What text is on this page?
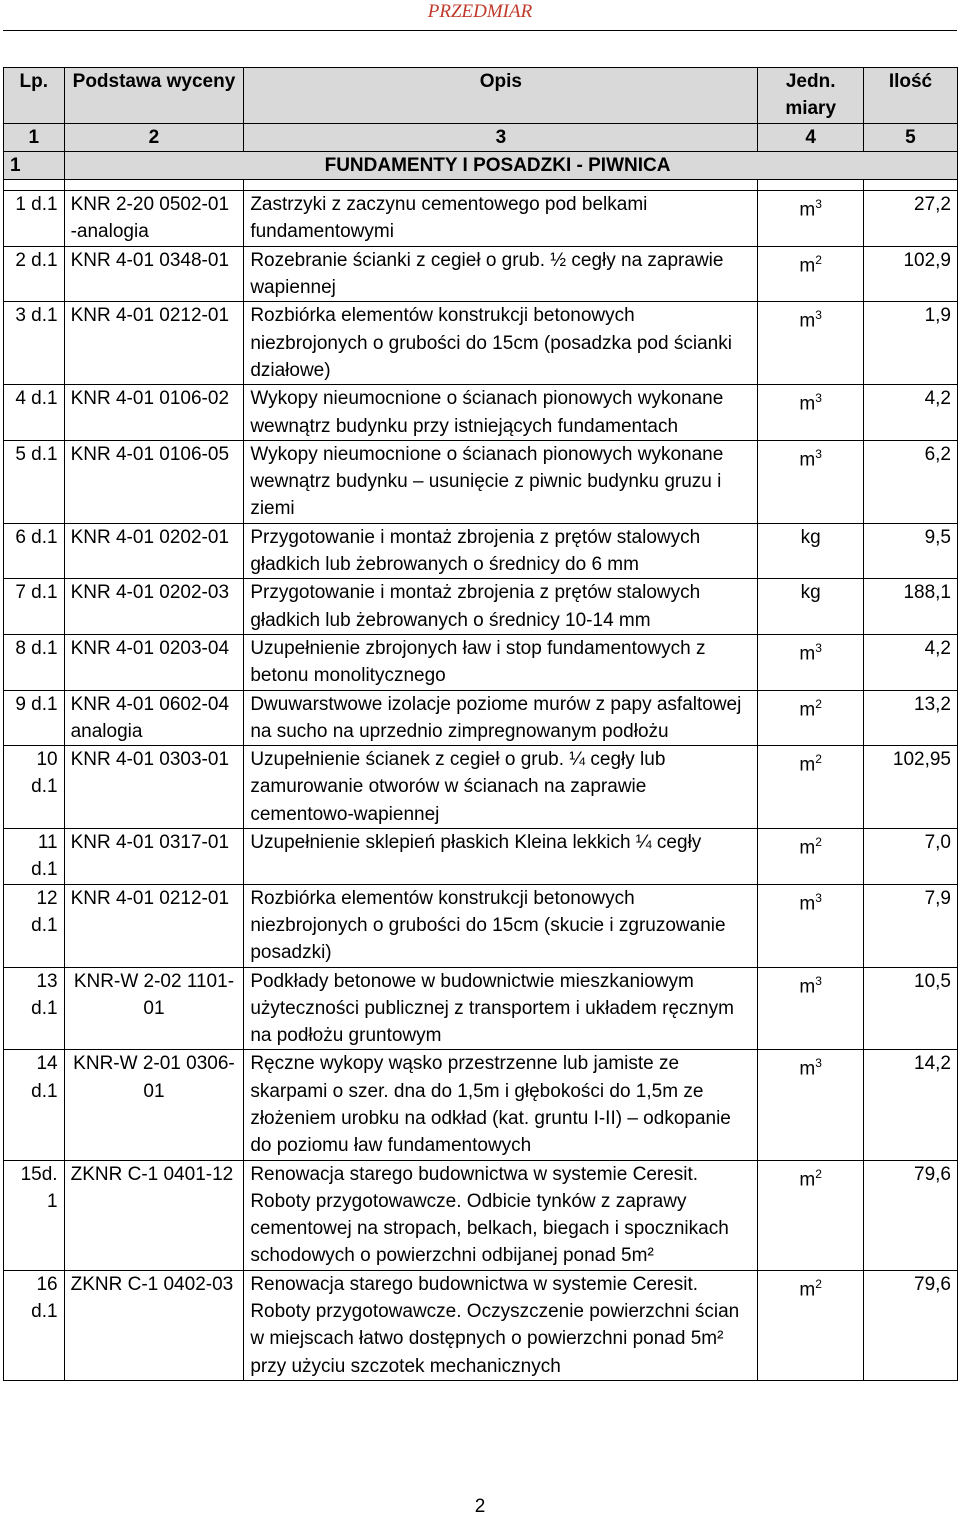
PRZEDMIAR
Lp.	Podstawa wyceny	Opis	Jedn. miary	Ilość
1	2	3	4	5
1	FUNDAMENTY I POSADZKI - PIWNICA			

1 d.1	KNR 2-20 0502-01 -analogia	Zastrzyki z zaczynu cementowego pod belkami fundamentowymi	$m^3$	27,2
2 d.1	KNR 4-01 0348-01	Rozebranie ścianki z cegieł o grub. ½ cegły na zaprawie wapiennej	$m^2$	102,9
3 d.1	KNR 4-01 0212-01	Rozbiórka elementów konstrukcji betonowych niezbrojonych o grubości do 15cm (posadzka pod ścianki działowe)	$m^3$	1,9
4 d.1	KNR 4-01 0106-02	Wykopy nieumocnione o ścianach pionowych wykonane wewnątrz budynku przy istniejących fundamentach	$m^3$	4,2
5 d.1	KNR 4-01 0106-05	Wykopy nieumocnione o ścianach pionowych wykonane wewnątrz budynku – usunięcie z piwnic budynku gruzu i ziemi	$m^3$	6,2
6 d.1	KNR 4-01 0202-01	Przygotowanie i montaż zbrojenia z prętów stalowych gładkich lub żebrowanych o średnicy do 6 mm	kg	9,5
7 d.1	KNR 4-01 0202-03	Przygotowanie i montaż zbrojenia z prętów stalowych gładkich lub żebrowanych o średnicy 10-14 mm	kg	188,1
8 d.1	KNR 4-01 0203-04	Uzupełnienie zbrojonych ław i stop fundamentowych z betonu monolitycznego	$m^3$	4,2
9 d.1	KNR 4-01 0602-04 analogia	Dwuwarstwowe izolacje poziome murów z papy asfaltowej na sucho na uprzednio zimpregnowanym podłożu	$m^2$	13,2
10 d.1	KNR 4-01 0303-01	Uzupełnienie ścianek z cegieł o grub. ¼ cegły lub zamurowanie otworów w ścianach na zaprawie cementowo-wapiennej	$m^2$	102,95
11 d.1	KNR 4-01 0317-01	Uzupełnienie sklepień płaskich Kleina lekkich ¼ cegły	$m^2$	7,0
12 d.1	KNR 4-01 0212-01	Rozbiórka elementów konstrukcji betonowych niezbrojonych o grubości do 15cm (skucie i zgruzowanie posadzki)	$m^3$	7,9
13 d.1	KNR-W 2-02 1101-01	Podkłady betonowe w budownictwie mieszkaniowym użyteczności publicznej z transportem i układem ręcznym na podłożu gruntowym	$m^3$	10,5
14 d.1	KNR-W 2-01 0306-01	Ręczne wykopy wąsko przestrzenne lub jamiste ze skarpami o szer. dna do 1,5m i głębokości do 1,5m ze złożeniem urobku na odkład (kat. gruntu I-II) – odkopanie do poziomu ław fundamentowych	$m^3$	14,2
15d. 1	ZKNR C-1 0401-12	Renowacja starego budownictwa w systemie Ceresit. Roboty przygotowawcze. Odbicie tynków z zaprawy cementowej na stropach, belkach, biegach i spocznikach schodowych o powierzchni odbijanej ponad 5m²	$m^2$	79,6
16 d.1	ZKNR C-1 0402-03	Renowacja starego budownictwa w systemie Ceresit. Roboty przygotowawcze. Oczyszczenie powierzchni ścian w miejscach łatwo dostępnych o powierzchni ponad 5m² przy użyciu szczotek mechanicznych	$m^2$	79,6
2
